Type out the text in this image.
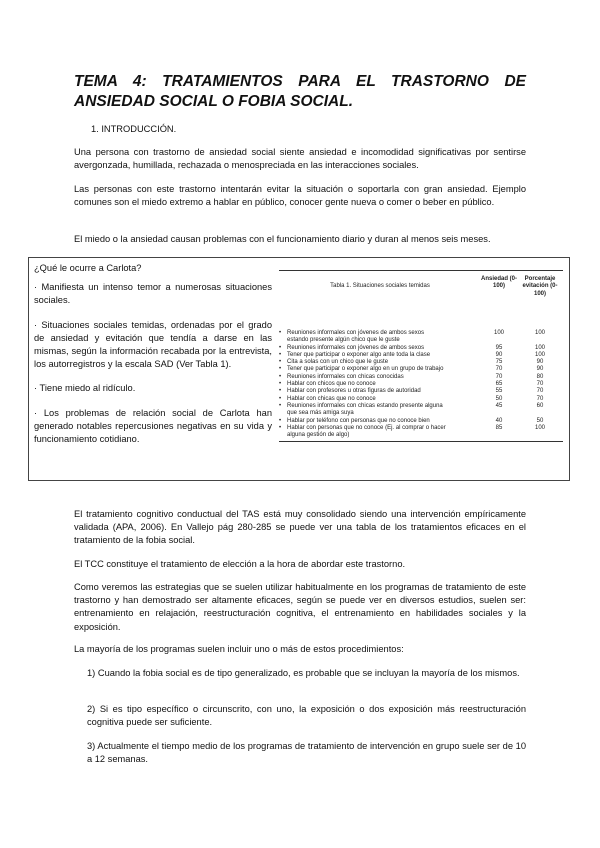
TEMA 4: TRATAMIENTOS PARA EL TRASTORNO DE
ANSIEDAD SOCIAL O FOBIA SOCIAL.
1. INTRODUCCIÓN.
Una persona con trastorno de ansiedad social siente ansiedad e incomodidad significativas por sentirse avergonzada, humillada, rechazada o menospreciada en las interacciones sociales.
Las personas con este trastorno intentarán evitar la situación o soportarla con gran ansiedad. Ejemplo comunes son el miedo extremo a hablar en público, conocer gente nueva o comer o beber en público.
El miedo o la ansiedad causan problemas con el funcionamiento diario y duran al menos seis meses.

¿Qué le ocurre a Carlota?

· Manifiesta un intenso temor a numerosas situaciones sociales.

· Situaciones sociales temidas, ordenadas por el grado de ansiedad y evitación que tendía a darse en las mismas, según la información recabada por la entrevista, los autorregistros y la escala SAD (Ver Tabla 1).

· Tiene miedo al ridículo.

· Los problemas de relación social de Carlota han generado notables repercusiones negativas en su vida y funcionamiento cotidiano.

Tabla 1. Situaciones sociales temidas
Ansiedad (0-100)
Porcentaje evitación (0-100)
• Reuniones informales con jóvenes de ambos sexos estando presente algún chico que le guste
100	100
• Reuniones informales con jóvenes de ambos sexos	95	100
• Tener que participar o exponer algo ante toda la clase	90	100
• Cita a solas con un chico que le guste	75	90
• Tener que participar o exponer algo en un grupo de trabajo	70	90
• Reuniones informales con chicas conocidas	70	80
• Hablar con chicos que no conoce	65	70
• Hablar con profesores u otras figuras de autoridad	55	70
• Hablar con chicas que no conoce	50	70
• Reuniones informales con chicas estando presente alguna que sea más amiga suya
45	60
• Hablar por teléfono con personas que no conoce bien	40	50
• Hablar con personas que no conoce (Ej. al comprar o hacer alguna gestión de algo)
85	100
El tratamiento cognitivo conductual del TAS está muy consolidado siendo una intervención empíricamente validada (APA, 2006). En Vallejo pág 280-285 se puede ver una tabla de los tratamientos eficaces en el tratamiento de la fobia social.
El TCC constituye el tratamiento de elección a la hora de abordar este trastorno.
Como veremos las estrategias que se suelen utilizar habitualmente en los programas de tratamiento de este trastorno y han demostrado ser altamente eficaces, según se puede ver en diversos estudios, suelen ser: entrenamiento en relajación, reestructuración cognitiva, el entrenamiento en habilidades sociales y la exposición.
La mayoría de los programas suelen incluir uno o más de estos procedimientos:
1) Cuando la fobia social es de tipo generalizado, es probable que se incluyan la mayoría de los mismos.
2) Si es tipo específico o circunscrito, con uno, la exposición o dos exposición más reestructuración cognitiva puede ser suficiente.
3) Actualmente el tiempo medio de los programas de tratamiento de intervención en grupo suele ser de 10 a 12 semanas.
